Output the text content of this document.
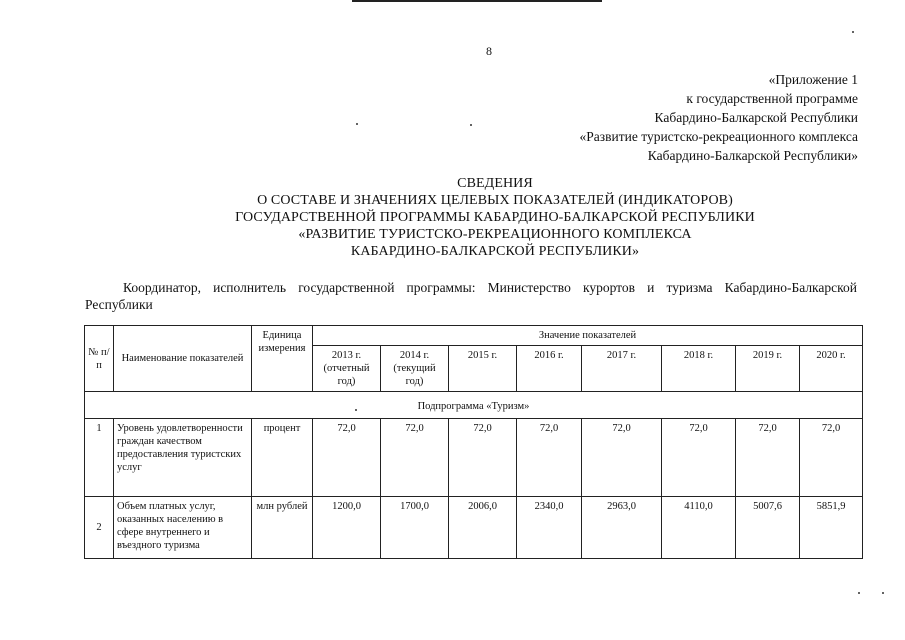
8
«Приложение 1
к государственной программе
Кабардино-Балкарской Республики
«Развитие туристско-рекреационного комплекса
Кабардино-Балкарской Республики»
СВЕДЕНИЯ
О СОСТАВЕ И ЗНАЧЕНИЯХ ЦЕЛЕВЫХ ПОКАЗАТЕЛЕЙ (ИНДИКАТОРОВ)
ГОСУДАРСТВЕННОЙ ПРОГРАММЫ КАБАРДИНО-БАЛКАРСКОЙ РЕСПУБЛИКИ
«РАЗВИТИЕ ТУРИСТСКО-РЕКРЕАЦИОННОГО КОМПЛЕКСА
КАБАРДИНО-БАЛКАРСКОЙ РЕСПУБЛИКИ»
Координатор, исполнитель государственной программы: Министерство курортов и туризма Кабардино-Балкарской Республики
№ п/п	Наименование показателей	Единица измерения	Значение показателей							
			2013 г. (отчетный год)	2014 г. (текущий год)	2015 г.	2016 г.	2017 г.	2018 г.	2019 г.	2020 г.
Подпрограмма «Туризм»										
1	Уровень удовлетворенности граждан качеством предоставления туристских услуг	процент	72,0	72,0	72,0	72,0	72,0	72,0	72,0	72,0
2	Объем платных услуг, оказанных населению в сфере внутреннего и въездного туризма	млн рублей	1200,0	1700,0	2006,0	2340,0	2963,0	4110,0	5007,6	5851,9
